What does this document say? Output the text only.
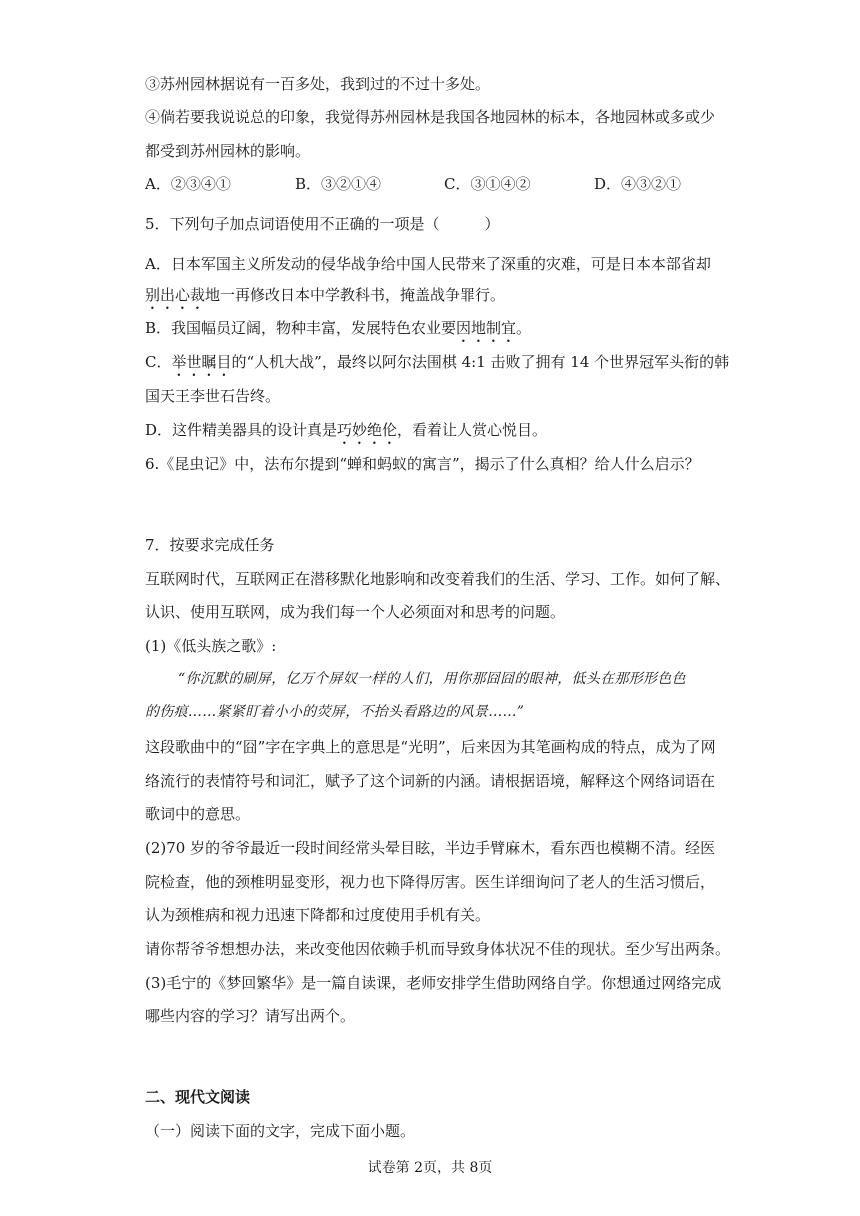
③苏州园林据说有一百多处，我到过的不过十多处。
④倘若要我说说总的印象，我觉得苏州园林是我国各地园林的标本，各地园林或多或少
都受到苏州园林的影响。
A．②③④①	B．③②①④	C．③①④②	D．④③②①
5．下列句子加点词语使用不正确的一项是（　　　）
A．日本军国主义所发动的侵华战争给中国人民带来了深重的灾难，可是日本本部省却
别出心裁地一再修改日本中学教科书，掩盖战争罪行。
B．我国幅员辽阔，物种丰富，发展特色农业要因地制宜。
C．举世瞩目的“人机大战”，最终以阿尔法围棋 4:1 击败了拥有 14 个世界冠军头衔的韩
国天王李世石告终。
D．这件精美器具的设计真是巧妙绝伦，看着让人赏心悦目。
6.《昆虫记》中，法布尔提到“蝉和蚂蚁的寓言”，揭示了什么真相？给人什么启示？
7．按要求完成任务
互联网时代，互联网正在潜移默化地影响和改变着我们的生活、学习、工作。如何了解、
认识、使用互联网，成为我们每一个人必须面对和思考的问题。
(1)《低头族之歌》:
“你沉默的刷屏，亿万个屏奴一样的人们，用你那囧囧的眼神，低头在那形形色色
的伤痕……紧紧盯着小小的荧屏，不抬头看路边的风景……”
这段歌曲中的“囧”字在字典上的意思是“光明”，后来因为其笔画构成的特点，成为了网
络流行的表情符号和词汇，赋予了这个词新的内涵。请根据语境，解释这个网络词语在
歌词中的意思。
(2)70 岁的爷爷最近一段时间经常头晕目眩，半边手臂麻木，看东西也模糊不清。经医
院检查，他的颈椎明显变形，视力也下降得厉害。医生详细询问了老人的生活习惯后，
认为颈椎病和视力迅速下降都和过度使用手机有关。
请你帮爷爷想想办法，来改变他因依赖手机而导致身体状况不佳的现状。至少写出两条。
(3)毛宁的《梦回繁华》是一篇自读课，老师安排学生借助网络自学。你想通过网络完成
哪些内容的学习？请写出两个。
二、现代文阅读
（一）阅读下面的文字，完成下面小题。
试卷第 2页，共 8页
